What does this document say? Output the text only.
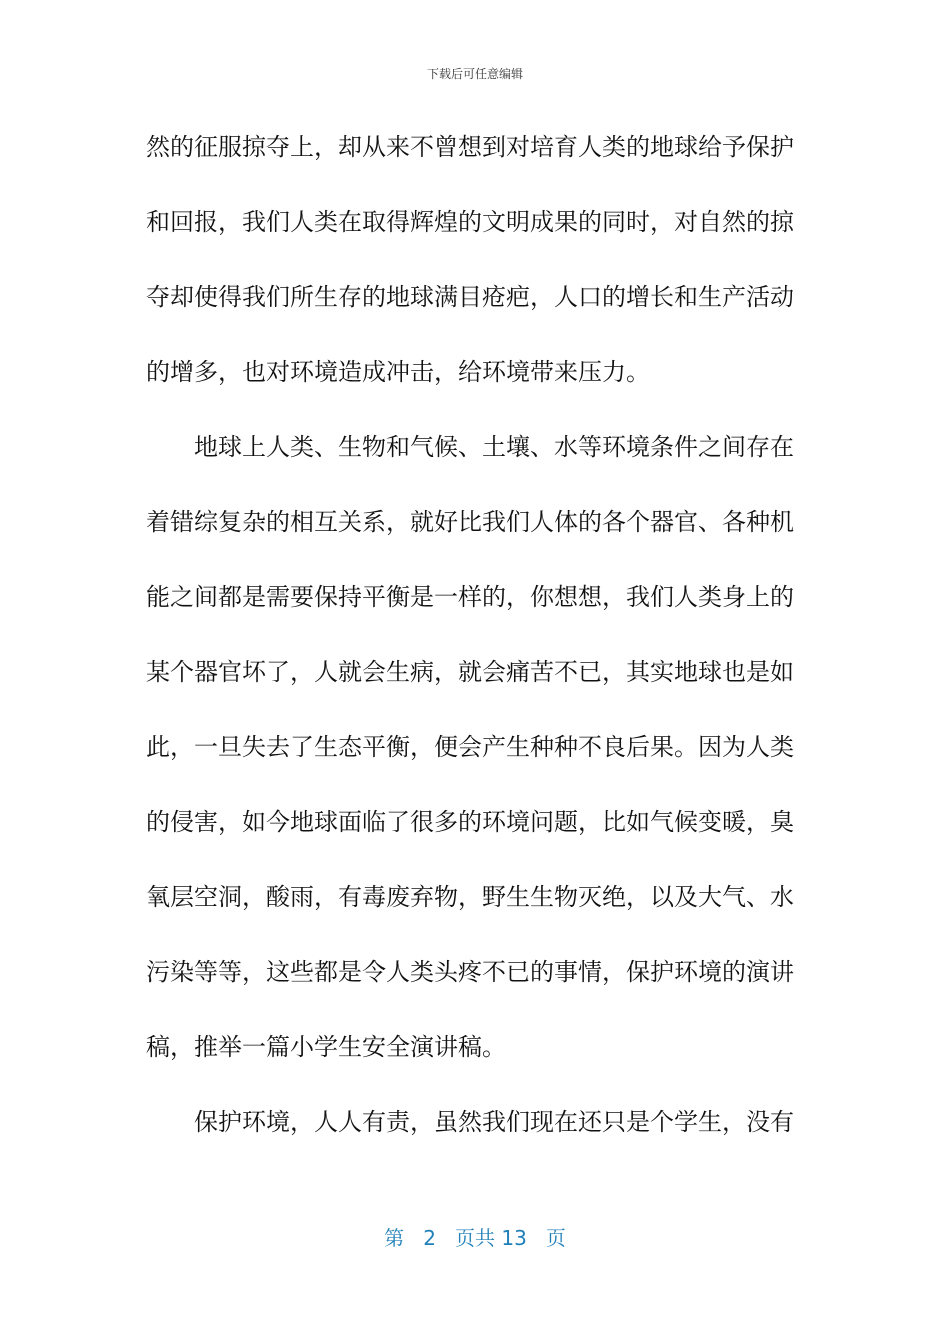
下载后可任意编辑
然的征服掠夺上，却从来不曾想到对培育人类的地球给予保护
和回报，我们人类在取得辉煌的文明成果的同时，对自然的掠
夺却使得我们所生存的地球满目疮疤，人口的增长和生产活动
的增多，也对环境造成冲击，给环境带来压力。
地球上人类、生物和气候、土壤、水等环境条件之间存在
着错综复杂的相互关系，就好比我们人体的各个器官、各种机
能之间都是需要保持平衡是一样的，你想想，我们人类身上的
某个器官坏了，人就会生病，就会痛苦不已，其实地球也是如
此，一旦失去了生态平衡，便会产生种种不良后果。因为人类
的侵害，如今地球面临了很多的环境问题，比如气候变暖，臭
氧层空洞，酸雨，有毒废弃物，野生生物灭绝，以及大气、水
污染等等，这些都是令人类头疼不已的事情，保护环境的演讲
稿，推举一篇小学生安全演讲稿。
保护环境，人人有责，虽然我们现在还只是个学生，没有
第 2 页共 13 页
